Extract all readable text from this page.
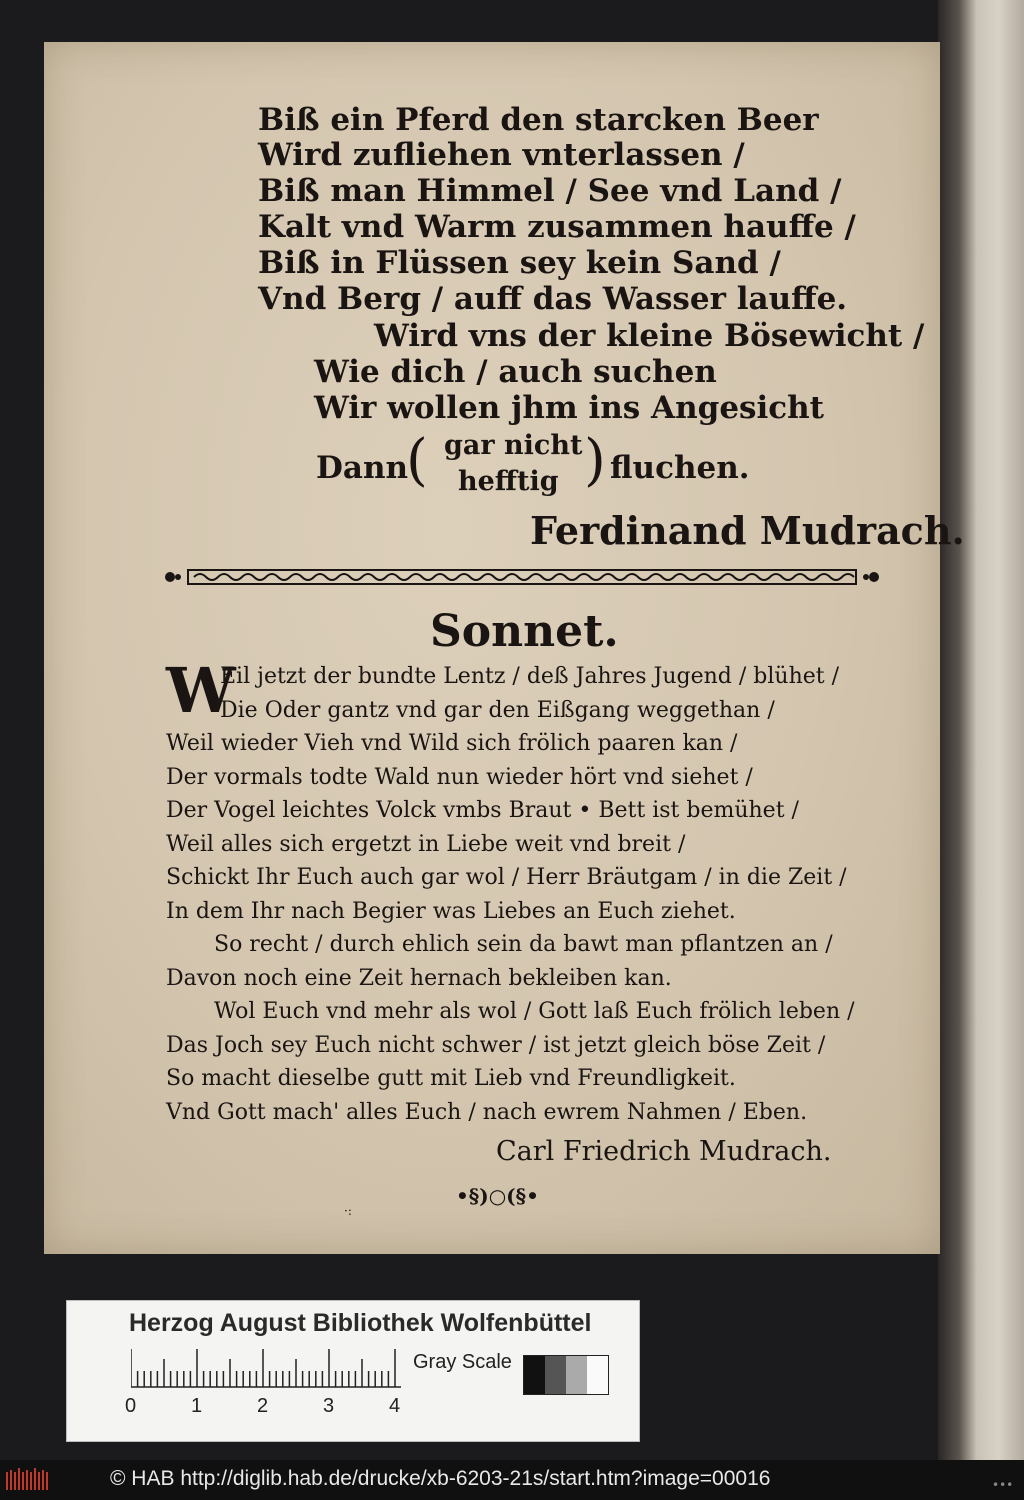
Biß ein Pferd den starcken Beer
Wird zufliehen vnterlassen /
Biß man Himmel / See vnd Land /
Kalt vnd Warm zusammen hauffe /
Biß in Flüssen sey kein Sand /
Vnd Berg / auff das Wasser lauffe.
Wird vns der kleine Bösewicht /
Wie dich / auch suchen
Wir wollen jhm ins Angesicht
Dann
( gar nicht
hefftig ) fluchen.
Ferdinand Mudrach.
W
Eil jetzt der bundte Lentz / deß Jahres Jugend / blühet /
Die Oder gantz vnd gar den Eißgang weggethan /
Weil wieder Vieh vnd Wild sich frölich paaren kan /
Der vormals todte Wald nun wieder hört vnd siehet /
Der Vogel leichtes Volck vmbs Braut • Bett ist bemühet /
Weil alles sich ergetzt in Liebe weit vnd breit /
Schickt Ihr Euch auch gar wol / Herr Bräutgam / in die Zeit /
In dem Ihr nach Begier was Liebes an Euch ziehet.
So recht / durch ehlich sein da bawt man pflantzen an /
Davon noch eine Zeit hernach bekleiben kan.
Wol Euch vnd mehr als wol / Gott laß Euch frölich leben /
Das Joch sey Euch nicht schwer / ist jetzt gleich böse Zeit /
So macht dieselbe gutt mit Lieb vnd Freundligkeit.
Vnd Gott mach' alles Euch / nach ewrem Nahmen / Eben.
Carl Friedrich Mudrach.
•§)○(§•
·:
Sonnet.
Herzog August Bibliothek Wolfenbüttel
0	1	2	3	4
Gray Scale
© HAB http://diglib.hab.de/drucke/xb-6203-21s/start.htm?image=00016	•••
